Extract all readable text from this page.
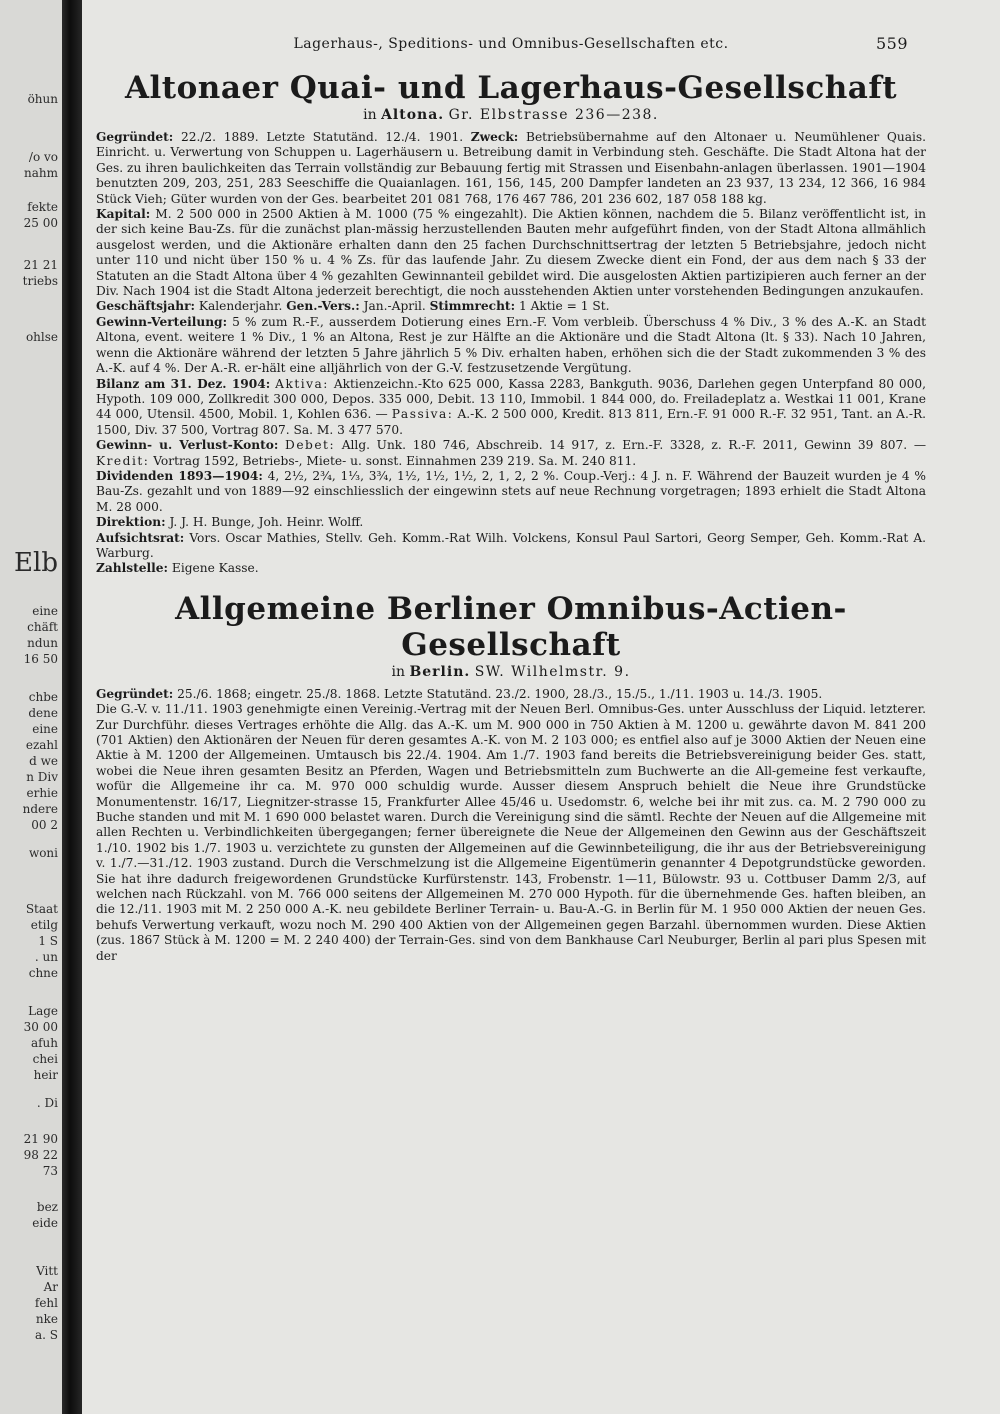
öhun
/o vo
nahm
fekte
25 00
21 21
triebs
ohlse
Elb
eine
chäft
ndun
16 50
chbe
dene
eine
ezahl
d we
n Div
erhie
ndere
00 2
woni
Staat
etilg
1 S
. un
chne
Lage
30 00
afuh
chei
heir
. Di
21 90
98 22
73
bez
eide
Vitt
Ar
fehl
nke
a. S
Lagerhaus-, Speditions- und Omnibus-Gesellschaften etc.	559
Altonaer Quai- und Lagerhaus-Gesellschaft
in Altona. Gr. Elbstrasse 236—238.

Gegründet: 22./2. 1889. Letzte Statutänd. 12./4. 1901. Zweck: Betriebsübernahme auf den Altonaer u. Neumühlener Quais. Einricht. u. Verwertung von Schuppen u. Lagerhäusern u. Betreibung damit in Verbindung steh. Geschäfte. Die Stadt Altona hat der Ges. zu ihren baulichkeiten das Terrain vollständig zur Bebauung fertig mit Strassen und Eisenbahn-anlagen überlassen. 1901—1904 benutzten 209, 203, 251, 283 Seeschiffe die Quaianlagen. 161, 156, 145, 200 Dampfer landeten an 23 937, 13 234, 12 366, 16 984 Stück Vieh; Güter wurden von der Ges. bearbeitet 201 081 768, 176 467 786, 201 236 602, 187 058 188 kg.

Kapital: M. 2 500 000 in 2500 Aktien à M. 1000 (75 % eingezahlt). Die Aktien können, nachdem die 5. Bilanz veröffentlicht ist, in der sich keine Bau-Zs. für die zunächst plan-mässig herzustellenden Bauten mehr aufgeführt finden, von der Stadt Altona allmählich ausgelost werden, und die Aktionäre erhalten dann den 25 fachen Durchschnittsertrag der letzten 5 Betriebsjahre, jedoch nicht unter 110 und nicht über 150 % u. 4 % Zs. für das laufende Jahr. Zu diesem Zwecke dient ein Fond, der aus dem nach § 33 der Statuten an die Stadt Altona über 4 % gezahlten Gewinnanteil gebildet wird. Die ausgelosten Aktien partizipieren auch ferner an der Div. Nach 1904 ist die Stadt Altona jederzeit berechtigt, die noch ausstehenden Aktien unter vorstehenden Bedingungen anzukaufen.

Geschäftsjahr: Kalenderjahr. Gen.-Vers.: Jan.-April. Stimmrecht: 1 Aktie = 1 St.

Gewinn-Verteilung: 5 % zum R.-F., ausserdem Dotierung eines Ern.-F. Vom verbleib. Überschuss 4 % Div., 3 % des A.-K. an Stadt Altona, event. weitere 1 % Div., 1 % an Altona, Rest je zur Hälfte an die Aktionäre und die Stadt Altona (lt. § 33). Nach 10 Jahren, wenn die Aktionäre während der letzten 5 Jahre jährlich 5 % Div. erhalten haben, erhöhen sich die der Stadt zukommenden 3 % des A.-K. auf 4 %. Der A.-R. er-hält eine alljährlich von der G.-V. festzusetzende Vergütung.

Bilanz am 31. Dez. 1904: Aktiva: Aktienzeichn.-Kto 625 000, Kassa 2283, Bankguth. 9036, Darlehen gegen Unterpfand 80 000, Hypoth. 109 000, Zollkredit 300 000, Depos. 335 000, Debit. 13 110, Immobil. 1 844 000, do. Freiladeplatz a. Westkai 11 001, Krane 44 000, Utensil. 4500, Mobil. 1, Kohlen 636. — Passiva: A.-K. 2 500 000, Kredit. 813 811, Ern.-F. 91 000 R.-F. 32 951, Tant. an A.-R. 1500, Div. 37 500, Vortrag 807. Sa. M. 3 477 570.

Gewinn- u. Verlust-Konto: Debet: Allg. Unk. 180 746, Abschreib. 14 917, z. Ern.-F. 3328, z. R.-F. 2011, Gewinn 39 807. — Kredit: Vortrag 1592, Betriebs-, Miete- u. sonst. Einnahmen 239 219. Sa. M. 240 811.

Dividenden 1893—1904: 4, 2½, 2¾, 1⅓, 3¾, 1½, 1½, 1½, 2, 1, 2, 2 %. Coup.-Verj.: 4 J. n. F. Während der Bauzeit wurden je 4 % Bau-Zs. gezahlt und von 1889—92 einschliesslich der eingewinn stets auf neue Rechnung vorgetragen; 1893 erhielt die Stadt Altona M. 28 000.

Direktion: J. J. H. Bunge, Joh. Heinr. Wolff.

Aufsichtsrat: Vors. Oscar Mathies, Stellv. Geh. Komm.-Rat Wilh. Volckens, Konsul Paul Sartori, Georg Semper, Geh. Komm.-Rat A. Warburg.

Zahlstelle: Eigene Kasse.

Allgemeine Berliner Omnibus-Actien-Gesellschaft
in Berlin. SW. Wilhelmstr. 9.

Gegründet: 25./6. 1868; eingetr. 25./8. 1868. Letzte Statutänd. 23./2. 1900, 28./3., 15./5., 1./11. 1903 u. 14./3. 1905.

Die G.-V. v. 11./11. 1903 genehmigte einen Vereinig.-Vertrag mit der Neuen Berl. Omnibus-Ges. unter Ausschluss der Liquid. letzterer. Zur Durchführ. dieses Vertrages erhöhte die Allg. das A.-K. um M. 900 000 in 750 Aktien à M. 1200 u. gewährte davon M. 841 200 (701 Aktien) den Aktionären der Neuen für deren gesamtes A.-K. von M. 2 103 000; es entfiel also auf je 3000 Aktien der Neuen eine Aktie à M. 1200 der Allgemeinen. Umtausch bis 22./4. 1904. Am 1./7. 1903 fand bereits die Betriebsvereinigung beider Ges. statt, wobei die Neue ihren gesamten Besitz an Pferden, Wagen und Betriebsmitteln zum Buchwerte an die All-gemeine fest verkaufte, wofür die Allgemeine ihr ca. M. 970 000 schuldig wurde. Ausser diesem Anspruch behielt die Neue ihre Grundstücke Monumentenstr. 16/17, Liegnitzer-strasse 15, Frankfurter Allee 45/46 u. Usedomstr. 6, welche bei ihr mit zus. ca. M. 2 790 000 zu Buche standen und mit M. 1 690 000 belastet waren. Durch die Vereinigung sind die sämtl. Rechte der Neuen auf die Allgemeine mit allen Rechten u. Verbindlichkeiten übergegangen; ferner übereignete die Neue der Allgemeinen den Gewinn aus der Geschäftszeit 1./10. 1902 bis 1./7. 1903 u. verzichtete zu gunsten der Allgemeinen auf die Gewinnbeteiligung, die ihr aus der Betriebsvereinigung v. 1./7.—31./12. 1903 zustand. Durch die Verschmelzung ist die Allgemeine Eigentümerin genannter 4 Depotgrundstücke geworden. Sie hat ihre dadurch freigewordenen Grundstücke Kurfürstenstr. 143, Frobenstr. 1—11, Bülowstr. 93 u. Cottbuser Damm 2/3, auf welchen nach Rückzahl. von M. 766 000 seitens der Allgemeinen M. 270 000 Hypoth. für die übernehmende Ges. haften bleiben, an die 12./11. 1903 mit M. 2 250 000 A.-K. neu gebildete Berliner Terrain- u. Bau-A.-G. in Berlin für M. 1 950 000 Aktien der neuen Ges. behufs Verwertung verkauft, wozu noch M. 290 400 Aktien von der Allgemeinen gegen Barzahl. übernommen wurden. Diese Aktien (zus. 1867 Stück à M. 1200 = M. 2 240 400) der Terrain-Ges. sind von dem Bankhause Carl Neuburger, Berlin al pari plus Spesen mit der
